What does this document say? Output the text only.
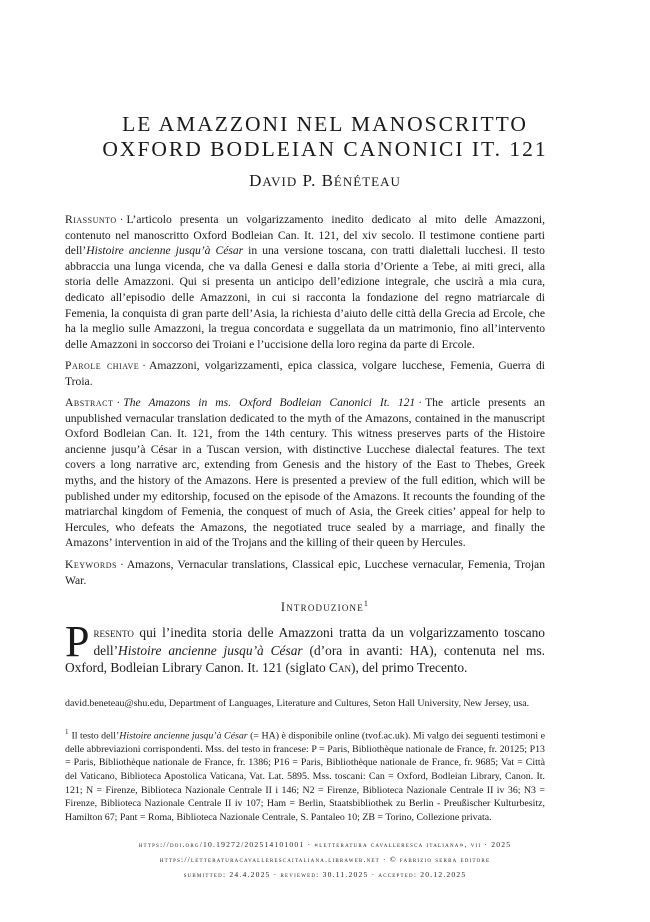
LE AMAZZONI NEL MANOSCRITTO
OXFORD BODLEIAN CANONICI IT. 121
DAVID P. BÉNÉTEAU
Riassunto · L’articolo presenta un volgarizzamento inedito dedicato al mito delle Amazzoni, contenuto nel manoscritto Oxford Bodleian Can. It. 121, del xiv secolo. Il testimone contiene parti dell’Histoire ancienne jusqu’à César in una versione toscana, con tratti dialettali lucchesi. Il testo abbraccia una lunga vicenda, che va dalla Genesi e dalla storia d’Oriente a Tebe, ai miti greci, alla storia delle Amazzoni. Qui si presenta un anticipo dell’edizione integrale, che uscirà a mia cura, dedicato all’episodio delle Amazzoni, in cui si racconta la fondazione del regno matriarcale di Femenia, la conquista di gran parte dell’Asia, la richiesta d’aiuto delle città della Grecia ad Ercole, che ha la meglio sulle Amazzoni, la tregua concordata e suggellata da un matrimonio, fino all’intervento delle Amazzoni in soccorso dei Troiani e l’uccisione della loro regina da parte di Ercole.
Parole chiave · Amazzoni, volgarizzamenti, epica classica, volgare lucchese, Femenia, Guerra di Troia.
Abstract · The Amazons in ms. Oxford Bodleian Canonici It. 121 · The article presents an unpublished vernacular translation dedicated to the myth of the Amazons, contained in the manuscript Oxford Bodleian Can. It. 121, from the 14th century. This witness preserves parts of the Histoire ancienne jusqu’à César in a Tuscan version, with distinctive Lucchese dialectal features. The text covers a long narrative arc, extending from Genesis and the history of the East to Thebes, Greek myths, and the history of the Amazons. Here is presented a preview of the full edition, which will be published under my editorship, focused on the episode of the Amazons. It recounts the founding of the matriarchal kingdom of Femenia, the conquest of much of Asia, the Greek cities’ appeal for help to Hercules, who defeats the Amazons, the negotiated truce sealed by a marriage, and finally the Amazons’ intervention in aid of the Trojans and the killing of their queen by Hercules.
Keywords · Amazons, Vernacular translations, Classical epic, Lucchese vernacular, Femenia, Trojan War.
Introduzione$^1$
Presento qui l’inedita storia delle Amazzoni tratta da un volgarizzamento toscano dell’Histoire ancienne jusqu’à César (d’ora in avanti: HA), contenuta nel ms. Oxford, Bodleian Library Canon. It. 121 (siglato Can), del primo Trecento.
david.beneteau@shu.edu, Department of Languages, Literature and Cultures, Seton Hall University, New Jersey, usa.
$^1$ Il testo dell’Histoire ancienne jusqu’à César (= HA) è disponibile online (tvof.ac.uk). Mi valgo dei seguenti testimoni e delle abbreviazioni corrispondenti. Mss. del testo in francese: P = Paris, Bibliothèque nationale de France, fr. 20125; P13 = Paris, Bibliothèque nationale de France, fr. 1386; P16 = Paris, Bibliothèque nationale de France, fr. 9685; Vat = Città del Vaticano, Biblioteca Apostolica Vaticana, Vat. Lat. 5895. Mss. toscani: Can = Oxford, Bodleian Library, Canon. It. 121; N = Firenze, Biblioteca Nazionale Centrale II i 146; N2 = Firenze, Biblioteca Nazionale Centrale II iv 36; N3 = Firenze, Biblioteca Nazionale Centrale II iv 107; Ham = Berlin, Staatsbibliothek zu Berlin - Preußischer Kulturbesitz, Hamilton 67; Pant = Roma, Biblioteca Nazionale Centrale, S. Pantaleo 10; ZB = Torino, Collezione privata.
https://doi.org/10.19272/202514101001 · «letteratura cavalleresca italiana», vii · 2025
https://letteraturacavallerescaitaliana.libraweb.net · © fabrizio serra editore
submitted: 24.4.2025 · reviewed: 30.11.2025 · accepted: 20.12.2025
